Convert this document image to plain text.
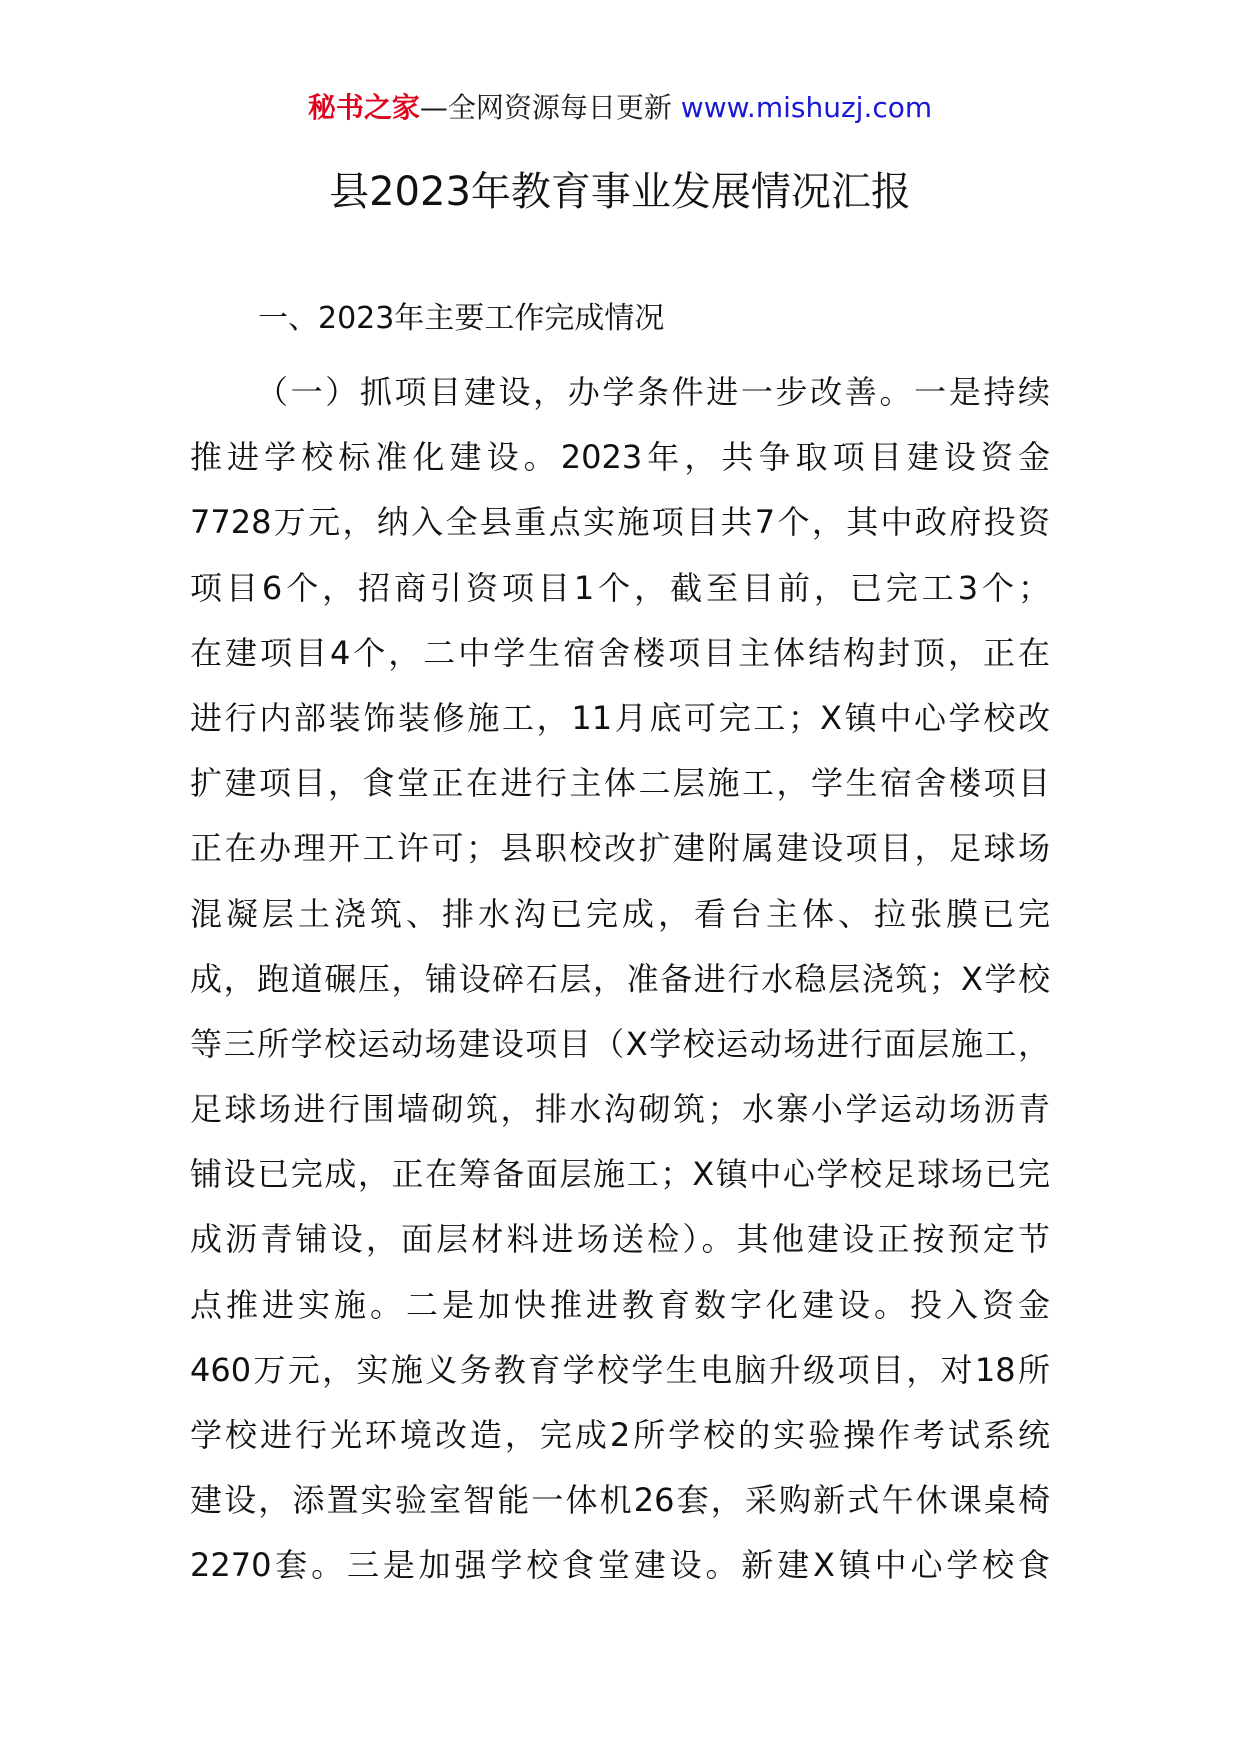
秘书之家—全网资源每日更新 www.mishuzj.com
县2023年教育事业发展情况汇报
一、2023年主要工作完成情况
（一）抓项目建设，办学条件进一步改善。一是持续
推进学校标准化建设。2023年，共争取项目建设资金
7728万元，纳入全县重点实施项目共7个，其中政府投资
项目6个，招商引资项目1个，截至目前，已完工3个；
在建项目4个，二中学生宿舍楼项目主体结构封顶，正在
进行内部装饰装修施工，11月底可完工；X镇中心学校改
扩建项目，食堂正在进行主体二层施工，学生宿舍楼项目
正在办理开工许可；县职校改扩建附属建设项目，足球场
混凝层土浇筑、排水沟已完成，看台主体、拉张膜已完
成，跑道碾压，铺设碎石层，准备进行水稳层浇筑；X学校
等三所学校运动场建设项目（X学校运动场进行面层施工，
足球场进行围墙砌筑，排水沟砌筑；水寨小学运动场沥青
铺设已完成，正在筹备面层施工；X镇中心学校足球场已完
成沥青铺设，面层材料进场送检）。其他建设正按预定节
点推进实施。二是加快推进教育数字化建设。投入资金
460万元，实施义务教育学校学生电脑升级项目，对18所
学校进行光环境改造，完成2所学校的实验操作考试系统
建设，添置实验室智能一体机26套，采购新式午休课桌椅
2270套。三是加强学校食堂建设。新建X镇中心学校食
